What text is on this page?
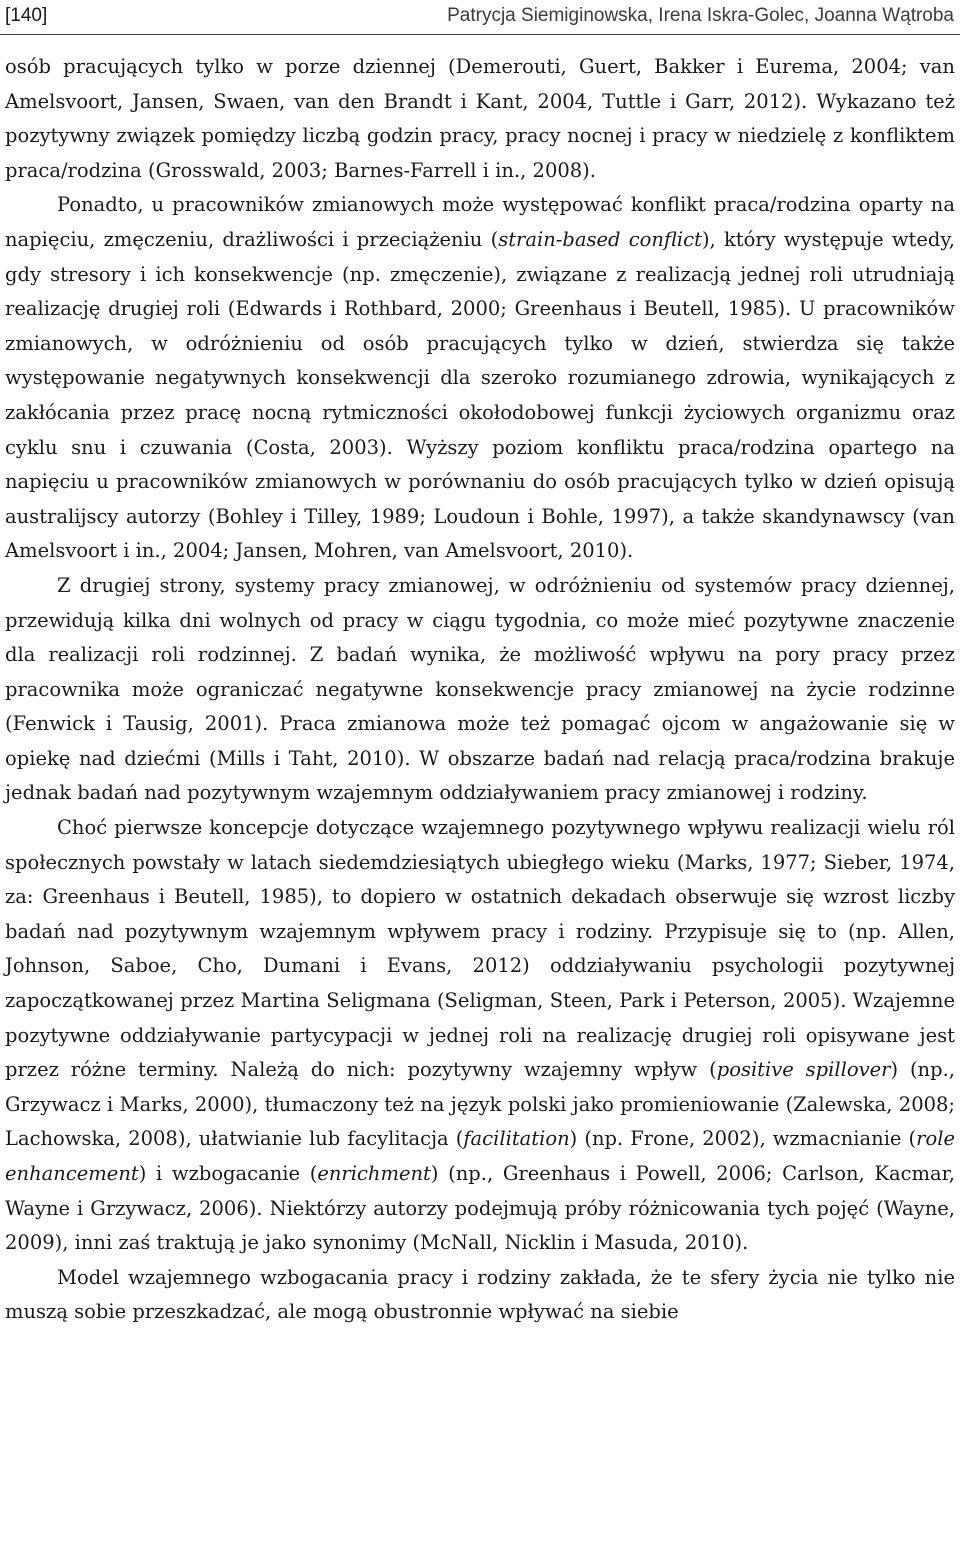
[140]	Patrycja Siemiginowska, Irena Iskra-Golec, Joanna Wątroba

osób pracujących tylko w porze dziennej (Demerouti, Guert, Bakker i Eurema, 2004; van Amelsvoort, Jansen, Swaen, van den Brandt i Kant, 2004, Tuttle i Garr, 2012). Wykazano też pozytywny związek pomiędzy liczbą godzin pracy, pracy nocnej i pracy w niedzielę z konfliktem praca/rodzina (Grosswald, 2003; Barnes-Farrell i in., 2008).

Ponadto, u pracowników zmianowych może występować konflikt praca/rodzina oparty na napięciu, zmęczeniu, drażliwości i przeciążeniu (strain-based conflict), który występuje wtedy, gdy stresory i ich konsekwencje (np. zmęczenie), związane z realizacją jednej roli utrudniają realizację drugiej roli (Edwards i Rothbard, 2000; Greenhaus i Beutell, 1985). U pracowników zmianowych, w odróżnieniu od osób pracujących tylko w dzień, stwierdza się także występowanie negatywnych konsekwencji dla szeroko rozumianego zdrowia, wynikających z zakłócania przez pracę nocną rytmiczności okołodobowej funkcji życiowych organizmu oraz cyklu snu i czuwania (Costa, 2003). Wyższy poziom konfliktu praca/rodzina opartego na napięciu u pracowników zmianowych w porównaniu do osób pracujących tylko w dzień opisują australijscy autorzy (Bohley i Tilley, 1989; Loudoun i Bohle, 1997), a także skandynawscy (van Amelsvoort i in., 2004; Jansen, Mohren, van Amelsvoort, 2010).

Z drugiej strony, systemy pracy zmianowej, w odróżnieniu od systemów pracy dziennej, przewidują kilka dni wolnych od pracy w ciągu tygodnia, co może mieć pozytywne znaczenie dla realizacji roli rodzinnej. Z badań wynika, że możliwość wpływu na pory pracy przez pracownika może ograniczać negatywne konsekwencje pracy zmianowej na życie rodzinne (Fenwick i Tausig, 2001). Praca zmianowa może też pomagać ojcom w angażowanie się w opiekę nad dziećmi (Mills i Taht, 2010). W obszarze badań nad relacją praca/rodzina brakuje jednak badań nad pozytywnym wzajemnym oddziaływaniem pracy zmianowej i rodziny.

Choć pierwsze koncepcje dotyczące wzajemnego pozytywnego wpływu realizacji wielu ról społecznych powstały w latach siedemdziesiątych ubiegłego wieku (Marks, 1977; Sieber, 1974, za: Greenhaus i Beutell, 1985), to dopiero w ostatnich dekadach obserwuje się wzrost liczby badań nad pozytywnym wzajemnym wpływem pracy i rodziny. Przypisuje się to (np. Allen, Johnson, Saboe, Cho, Dumani i Evans, 2012) oddziaływaniu psychologii pozytywnej zapoczątkowanej przez Martina Seligmana (Seligman, Steen, Park i Peterson, 2005). Wzajemne pozytywne oddziaływanie partycypacji w jednej roli na realizację drugiej roli opisywane jest przez różne terminy. Należą do nich: pozytywny wzajemny wpływ (positive spillover) (np., Grzywacz i Marks, 2000), tłumaczony też na język polski jako promieniowanie (Zalewska, 2008; Lachowska, 2008), ułatwianie lub facylitacja (facilitation) (np. Frone, 2002), wzmacnianie (role enhancement) i wzbogacanie (enrichment) (np., Greenhaus i Powell, 2006; Carlson, Kacmar, Wayne i Grzywacz, 2006). Niektórzy autorzy podejmują próby różnicowania tych pojęć (Wayne, 2009), inni zaś traktują je jako synonimy (McNall, Nicklin i Masuda, 2010).

Model wzajemnego wzbogacania pracy i rodziny zakłada, że te sfery życia nie tylko nie muszą sobie przeszkadzać, ale mogą obustronnie wpływać na siebie
